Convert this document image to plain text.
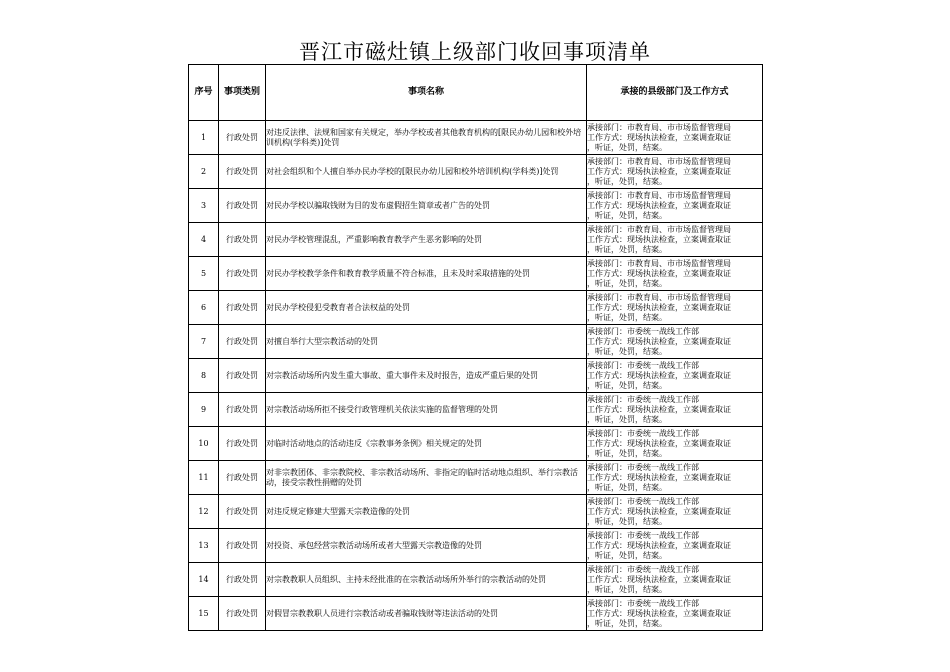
晋江市磁灶镇上级部门收回事项清单
序号	事项类别	事项名称	承接的县级部门及工作方式
1	行政处罚	对违反法律、法规和国家有关规定，举办学校或者其他教育机构的[限民办幼儿园和校外培训机构(学科类)]处罚	承接部门：市教育局、市市场监督管理局
工作方式：现场执法检查，立案调查取证
，听证，处罚，结案。

2	行政处罚	对社会组织和个人擅自举办民办学校的[限民办幼儿园和校外培训机构(学科类)]处罚	承接部门：市教育局、市市场监督管理局
工作方式：现场执法检查，立案调查取证
，听证，处罚，结案。

3	行政处罚	对民办学校以骗取钱财为目的发布虚假招生简章或者广告的处罚	承接部门：市教育局、市市场监督管理局
工作方式：现场执法检查，立案调查取证
，听证，处罚，结案。

4	行政处罚	对民办学校管理混乱，严重影响教育教学产生恶劣影响的处罚	承接部门：市教育局、市市场监督管理局
工作方式：现场执法检查，立案调查取证
，听证，处罚，结案。

5	行政处罚	对民办学校教学条件和教育教学质量不符合标准，且未及时采取措施的处罚	承接部门：市教育局、市市场监督管理局
工作方式：现场执法检查，立案调查取证
，听证，处罚，结案。

6	行政处罚	对民办学校侵犯受教育者合法权益的处罚	承接部门：市教育局、市市场监督管理局
工作方式：现场执法检查，立案调查取证
，听证，处罚，结案。

7	行政处罚	对擅自举行大型宗教活动的处罚	承接部门：市委统一战线工作部
工作方式：现场执法检查，立案调查取证
，听证，处罚，结案。

8	行政处罚	对宗教活动场所内发生重大事故、重大事件未及时报告，造成严重后果的处罚	承接部门：市委统一战线工作部
工作方式：现场执法检查，立案调查取证
，听证，处罚，结案。

9	行政处罚	对宗教活动场所拒不接受行政管理机关依法实施的监督管理的处罚	承接部门：市委统一战线工作部
工作方式：现场执法检查，立案调查取证
，听证，处罚，结案。

10	行政处罚	对临时活动地点的活动违反《宗教事务条例》相关规定的处罚	承接部门：市委统一战线工作部
工作方式：现场执法检查，立案调查取证
，听证，处罚，结案。

11	行政处罚	对非宗教团体、非宗教院校、非宗教活动场所、非指定的临时活动地点组织、举行宗教活动，接受宗教性捐赠的处罚	承接部门：市委统一战线工作部
工作方式：现场执法检查，立案调查取证
，听证，处罚，结案。

12	行政处罚	对违反规定修建大型露天宗教造像的处罚	承接部门：市委统一战线工作部
工作方式：现场执法检查，立案调查取证
，听证，处罚，结案。

13	行政处罚	对投资、承包经营宗教活动场所或者大型露天宗教造像的处罚	承接部门：市委统一战线工作部
工作方式：现场执法检查，立案调查取证
，听证，处罚，结案。

14	行政处罚	对宗教教职人员组织、主持未经批准的在宗教活动场所外举行的宗教活动的处罚	承接部门：市委统一战线工作部
工作方式：现场执法检查，立案调查取证
，听证，处罚，结案。

15	行政处罚	对假冒宗教教职人员进行宗教活动或者骗取钱财等违法活动的处罚	承接部门：市委统一战线工作部
工作方式：现场执法检查，立案调查取证
，听证，处罚，结案。
